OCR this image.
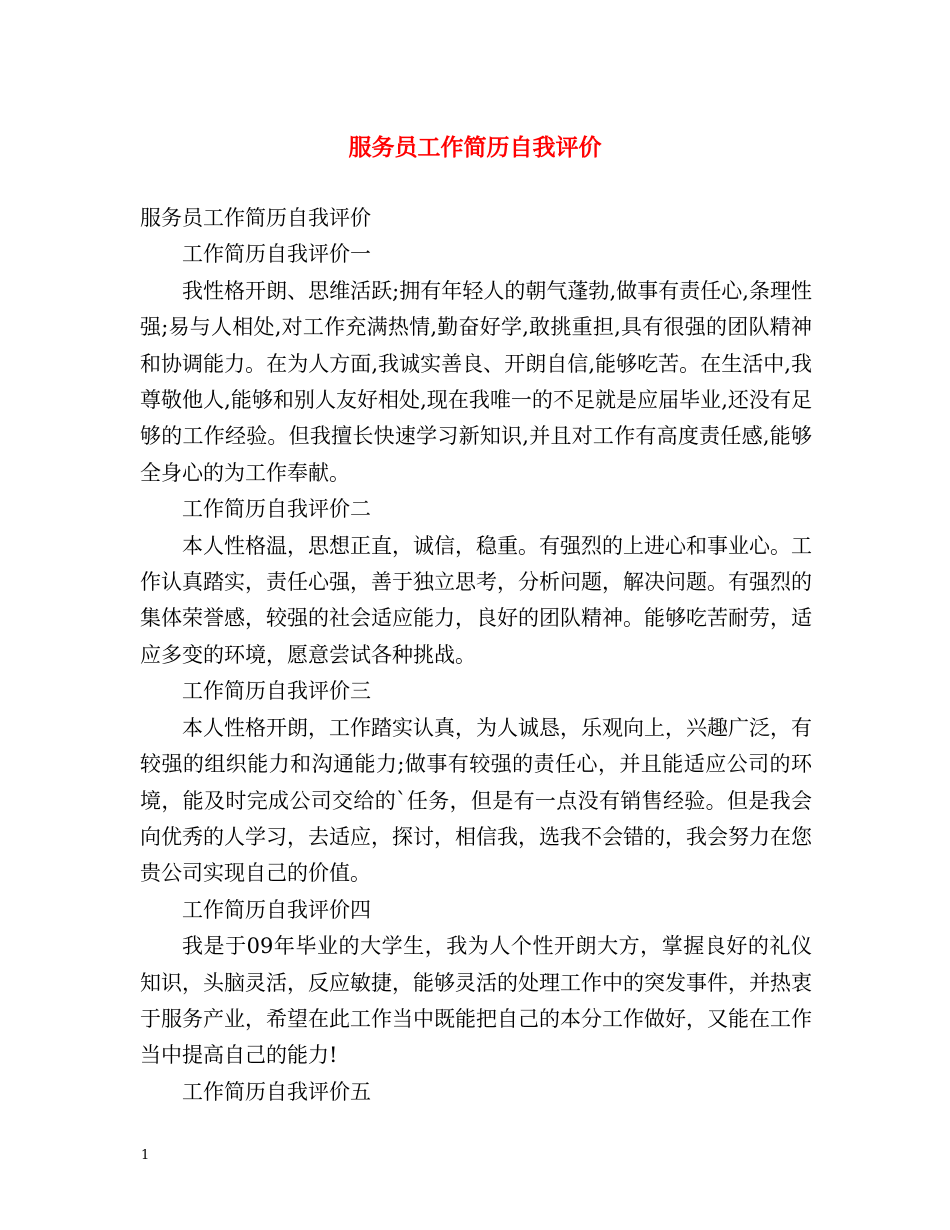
服务员工作简历自我评价

服务员工作简历自我评价

工作简历自我评价一

我性格开朗、思维活跃;拥有年轻人的朝气蓬勃,做事有责任心,条理性强;易与人相处,对工作充满热情,勤奋好学,敢挑重担,具有很强的团队精神和协调能力。在为人方面,我诚实善良、开朗自信,能够吃苦。在生活中,我尊敬他人,能够和别人友好相处,现在我唯一的不足就是应届毕业,还没有足够的工作经验。但我擅长快速学习新知识,并且对工作有高度责任感,能够全身心的为工作奉献。

工作简历自我评价二

本人性格温，思想正直，诚信，稳重。有强烈的上进心和事业心。工作认真踏实，责任心强，善于独立思考，分析问题，解决问题。有强烈的集体荣誉感，较强的社会适应能力，良好的团队精神。能够吃苦耐劳，适应多变的环境，愿意尝试各种挑战。

工作简历自我评价三

本人性格开朗，工作踏实认真，为人诚恳，乐观向上，兴趣广泛，有较强的组织能力和沟通能力;做事有较强的责任心，并且能适应公司的环境，能及时完成公司交给的`任务，但是有一点没有销售经验。但是我会向优秀的人学习，去适应，探讨，相信我，选我不会错的，我会努力在您贵公司实现自己的价值。

工作简历自我评价四

我是于09年毕业的大学生，我为人个性开朗大方，掌握良好的礼仪知识，头脑灵活，反应敏捷，能够灵活的处理工作中的突发事件，并热衷于服务产业，希望在此工作当中既能把自己的本分工作做好，又能在工作当中提高自己的能力!

工作简历自我评价五

1
